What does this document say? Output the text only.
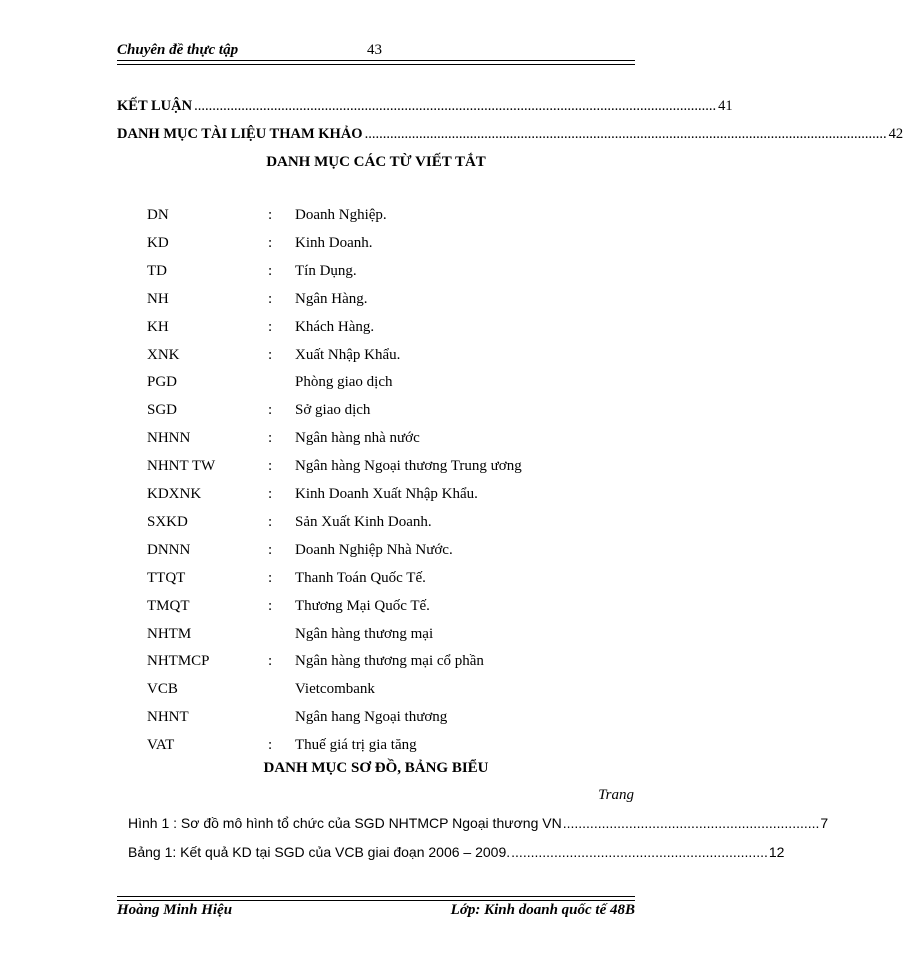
Chuyên đề thực tập	43
KẾT LUẬN ................................................................................................................................................ 41
DANH MỤC TÀI LIỆU THAM KHẢO ................................................................................................................................................ 42
DANH MỤC CÁC TỪ VIẾT TẮT
DN	: Doanh Nghiệp.
KD	: Kinh Doanh.
TD	: Tín Dụng.
NH	: Ngân Hàng.
KH	: Khách Hàng.
XNK	: Xuất Nhập Khẩu.
PGD	Phòng giao dịch
SGD	: Sở giao dịch
NHNN	: Ngân hàng nhà nước
NHNT TW	: Ngân hàng Ngoại thương Trung ương
KDXNK	: Kinh Doanh Xuất Nhập Khẩu.
SXKD	: Sản Xuất Kinh Doanh.
DNNN	: Doanh Nghiệp Nhà Nước.
TTQT	: Thanh Toán Quốc Tế.
TMQT	: Thương Mại Quốc Tế.
NHTM	Ngân hàng thương mại
NHTMCP	: Ngân hàng thương mại cổ phần
VCB	Vietcombank
NHNT	Ngân hang Ngoại thương
VAT	: Thuế giá trị gia tăng
DANH MỤC SƠ ĐỒ, BẢNG BIỂU
Trang
Hình 1 : Sơ đồ mô hình tổ chức của SGD NHTMCP Ngoại thương VN .................................................................. 7
Bảng 1: Kết quả KD tại SGD của VCB giai đoạn 2006 – 2009. .................................................................. 12
Hoàng Minh Hiệu	Lớp: Kinh doanh quốc tế 48B
